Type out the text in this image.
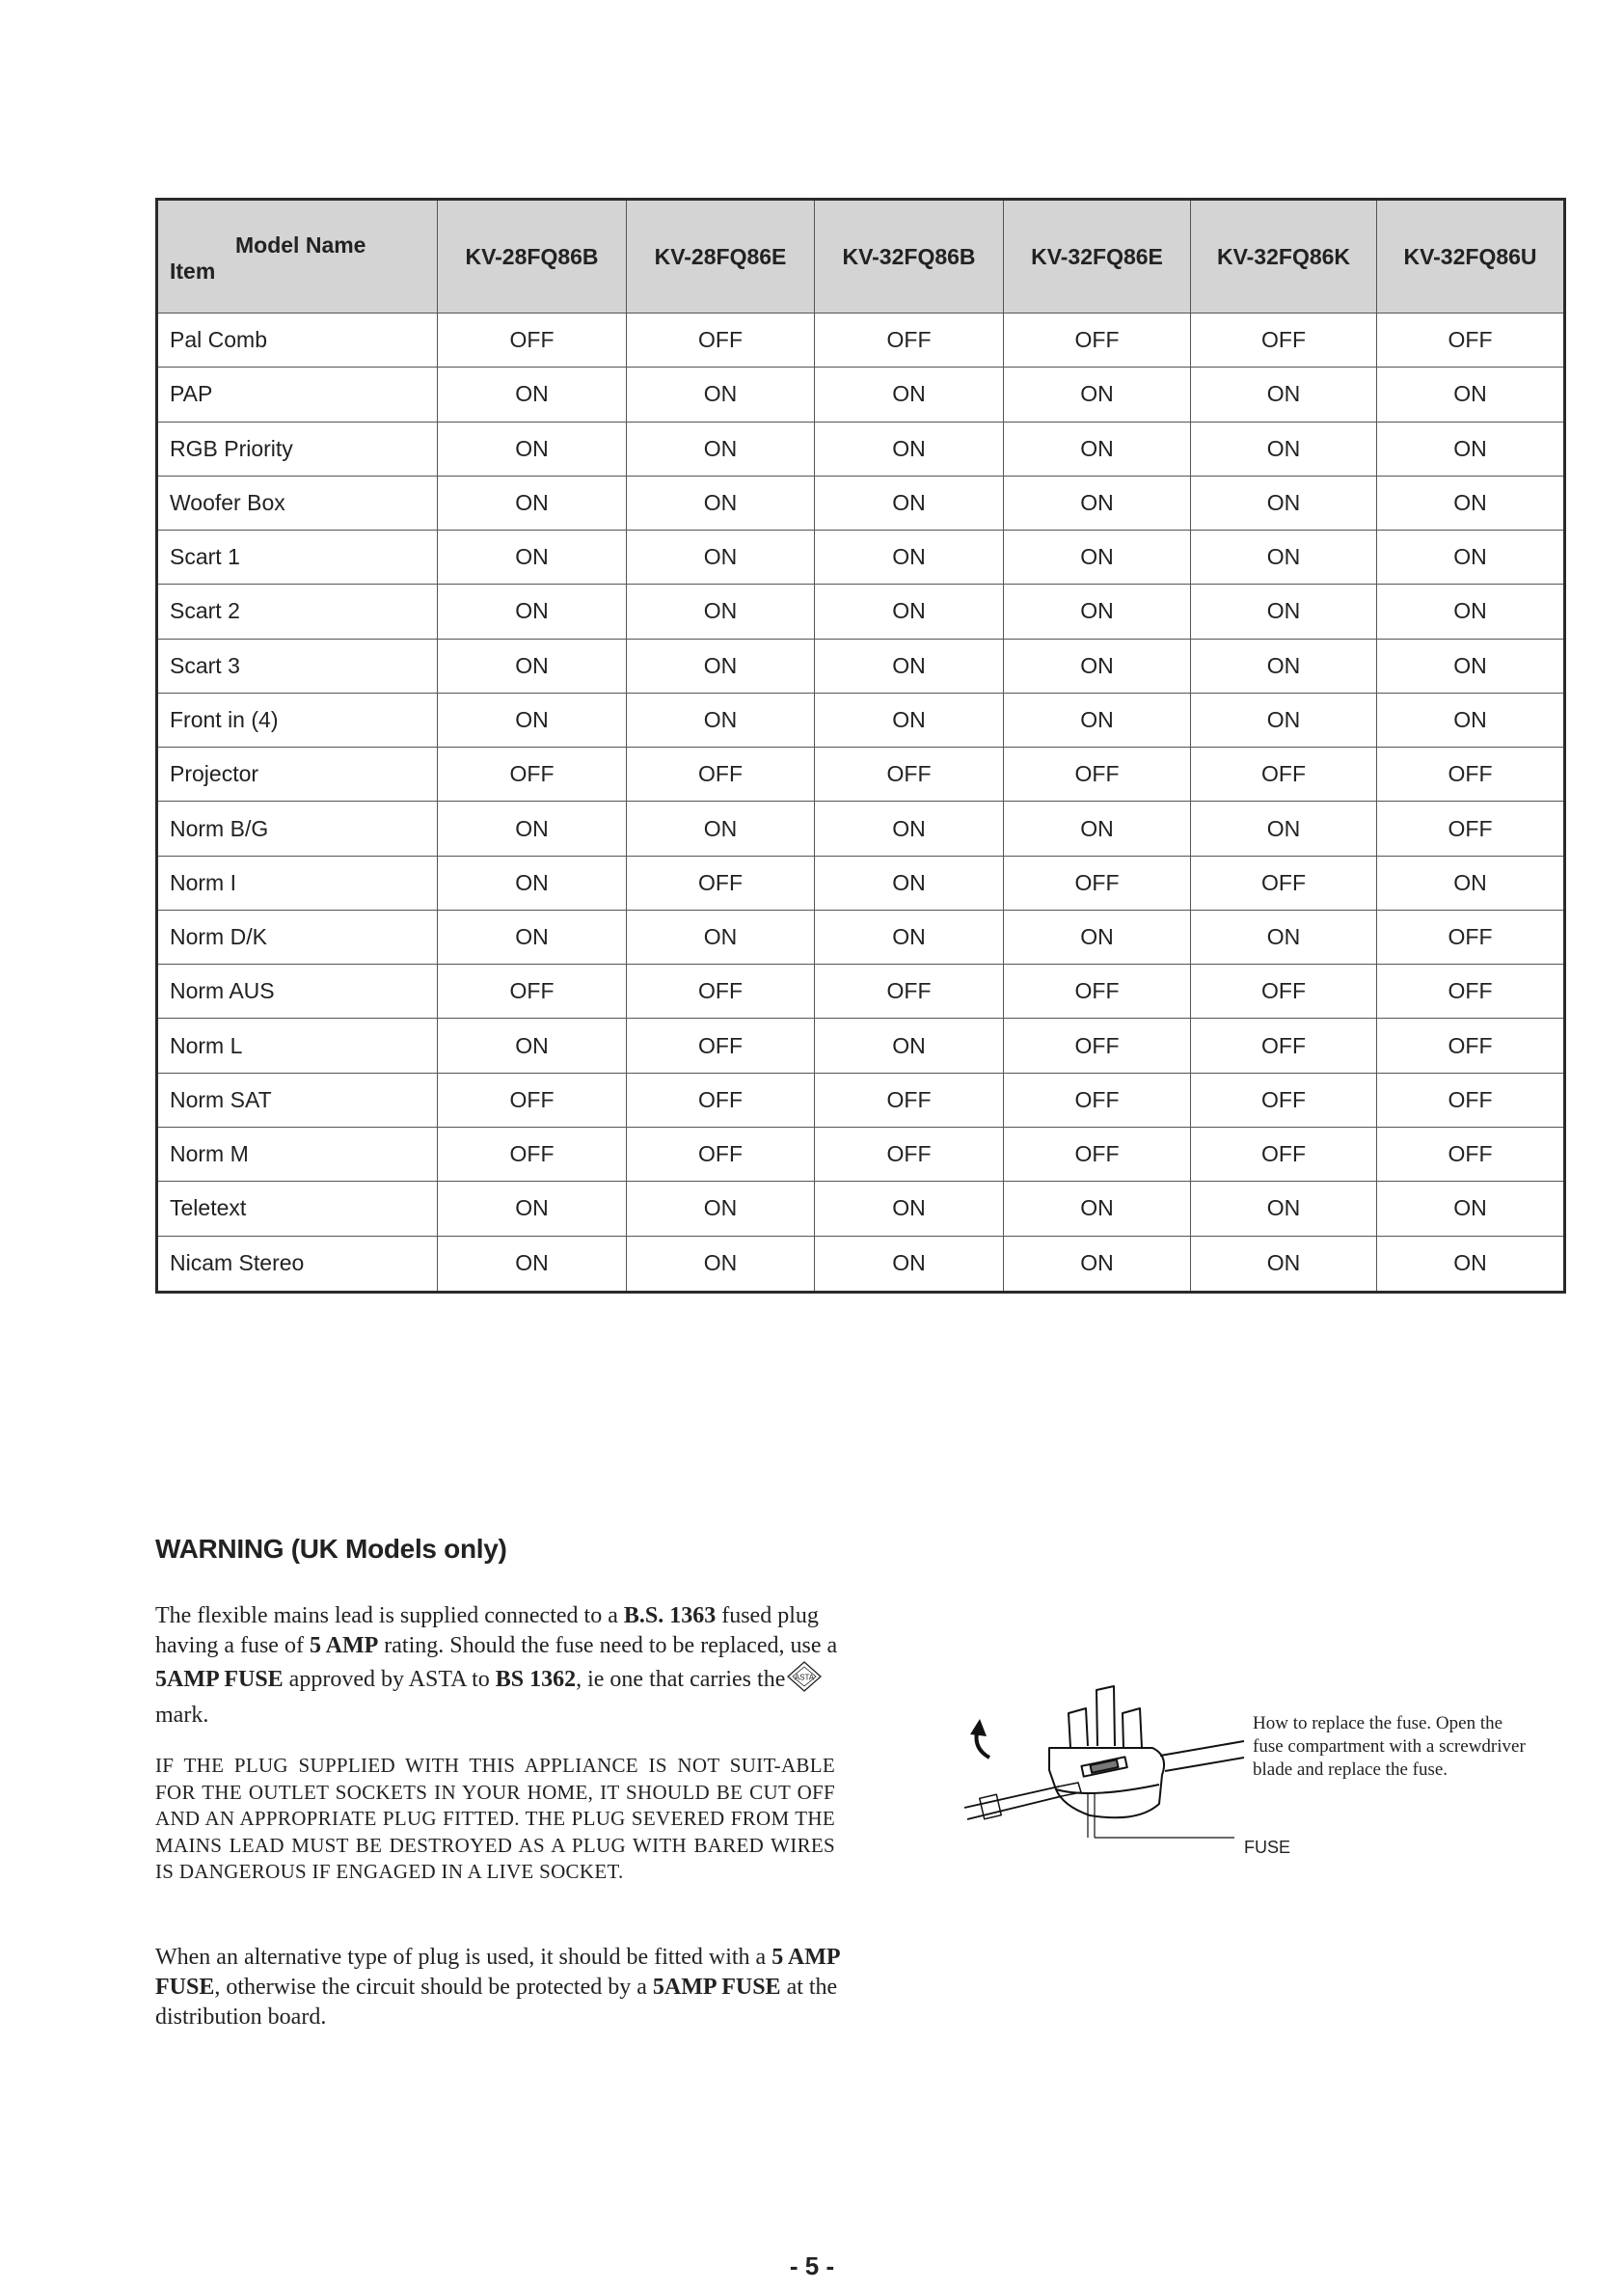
Model Name
Item	KV-28FQ86B	KV-28FQ86E	KV-32FQ86B	KV-32FQ86E	KV-32FQ86K	KV-32FQ86U
Pal Comb	OFF	OFF	OFF	OFF	OFF	OFF
PAP	ON	ON	ON	ON	ON	ON
RGB Priority	ON	ON	ON	ON	ON	ON
Woofer Box	ON	ON	ON	ON	ON	ON
Scart 1	ON	ON	ON	ON	ON	ON
Scart 2	ON	ON	ON	ON	ON	ON
Scart 3	ON	ON	ON	ON	ON	ON
Front in (4)	ON	ON	ON	ON	ON	ON
Projector	OFF	OFF	OFF	OFF	OFF	OFF
Norm B/G	ON	ON	ON	ON	ON	OFF
Norm I	ON	OFF	ON	OFF	OFF	ON
Norm D/K	ON	ON	ON	ON	ON	OFF
Norm AUS	OFF	OFF	OFF	OFF	OFF	OFF
Norm L	ON	OFF	ON	OFF	OFF	OFF
Norm SAT	OFF	OFF	OFF	OFF	OFF	OFF
Norm M	OFF	OFF	OFF	OFF	OFF	OFF
Teletext	ON	ON	ON	ON	ON	ON
Nicam Stereo	ON	ON	ON	ON	ON	ON
WARNING (UK Models only)

The flexible mains lead is supplied connected to a B.S. 1363 fused plug having a fuse of 5 AMP rating. Should the fuse need to be replaced, use a 5AMP FUSE approved by ASTA to BS 1362, ie one that carries the ASTA
mark.

IF THE PLUG SUPPLIED WITH THIS APPLIANCE IS NOT SUIT-ABLE FOR THE OUTLET SOCKETS IN YOUR HOME, IT SHOULD BE CUT OFF AND AN APPROPRIATE PLUG FITTED. THE PLUG SEVERED FROM THE MAINS LEAD MUST BE DESTROYED AS A PLUG WITH BARED WIRES IS DANGEROUS IF ENGAGED IN A LIVE SOCKET.

When an alternative type of plug is used, it should be fitted with a 5 AMP FUSE, otherwise the circuit should be protected by a 5AMP FUSE at the distribution board.

How to replace the fuse. Open the fuse compartment with a screwdriver blade and replace the fuse.

FUSE
- 5 -
